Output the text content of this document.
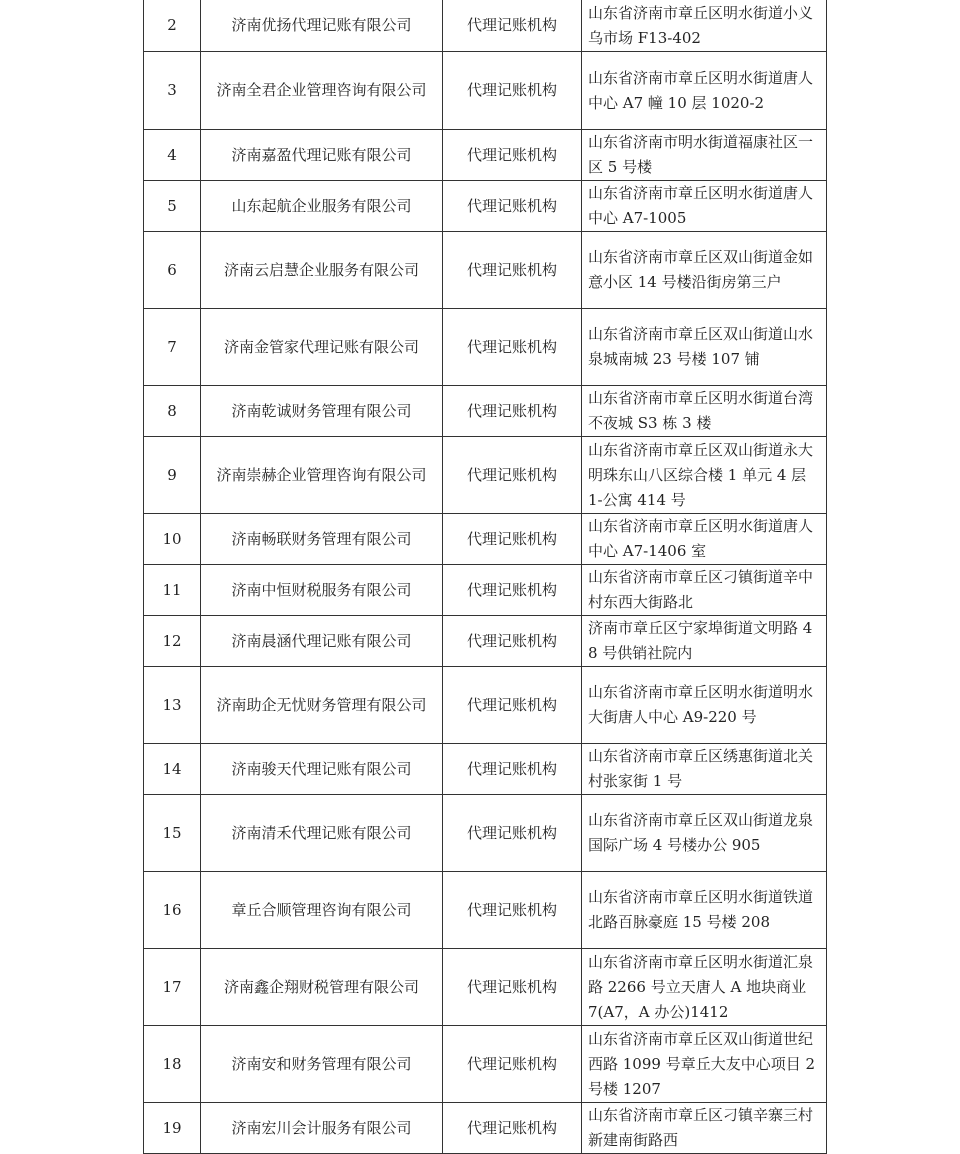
2	济南优扬代理记账有限公司	代理记账机构	山东省济南市章丘区明水街道小义乌市场 F13-402

3	济南全君企业管理咨询有限公司	代理记账机构	山东省济南市章丘区明水街道唐人中心 A7 幢 10 层 1020-2

4	济南嘉盈代理记账有限公司	代理记账机构	山东省济南市明水街道福康社区一区 5 号楼

5	山东起航企业服务有限公司	代理记账机构	山东省济南市章丘区明水街道唐人中心 A7-1005

6	济南云启慧企业服务有限公司	代理记账机构	山东省济南市章丘区双山街道金如意小区 14 号楼沿街房第三户

7	济南金管家代理记账有限公司	代理记账机构	山东省济南市章丘区双山街道山水泉城南城 23 号楼 107 铺

8	济南乾诚财务管理有限公司	代理记账机构	山东省济南市章丘区明水街道台湾不夜城 S3 栋 3 楼

9	济南崇赫企业管理咨询有限公司	代理记账机构	山东省济南市章丘区双山街道永大明珠东山八区综合楼 1 单元 4 层 1-公寓 414 号

10	济南畅联财务管理有限公司	代理记账机构	山东省济南市章丘区明水街道唐人中心 A7-1406 室

11	济南中恒财税服务有限公司	代理记账机构	山东省济南市章丘区刁镇街道辛中村东西大街路北

12	济南晨涵代理记账有限公司	代理记账机构	济南市章丘区宁家埠街道文明路 48 号供销社院内

13	济南助企无忧财务管理有限公司	代理记账机构	山东省济南市章丘区明水街道明水大街唐人中心 A9-220 号

14	济南骏天代理记账有限公司	代理记账机构	山东省济南市章丘区绣惠街道北关村张家街 1 号

15	济南清禾代理记账有限公司	代理记账机构	山东省济南市章丘区双山街道龙泉国际广场 4 号楼办公 905

16	章丘合顺管理咨询有限公司	代理记账机构	山东省济南市章丘区明水街道铁道北路百脉豪庭 15 号楼 208

17	济南鑫企翔财税管理有限公司	代理记账机构	山东省济南市章丘区明水街道汇泉路 2266 号立天唐人 A 地块商业 7(A7，A 办公)1412

18	济南安和财务管理有限公司	代理记账机构	山东省济南市章丘区双山街道世纪西路 1099 号章丘大友中心项目 2 号楼 1207

19	济南宏川会计服务有限公司	代理记账机构	山东省济南市章丘区刁镇辛寨三村新建南街路西
